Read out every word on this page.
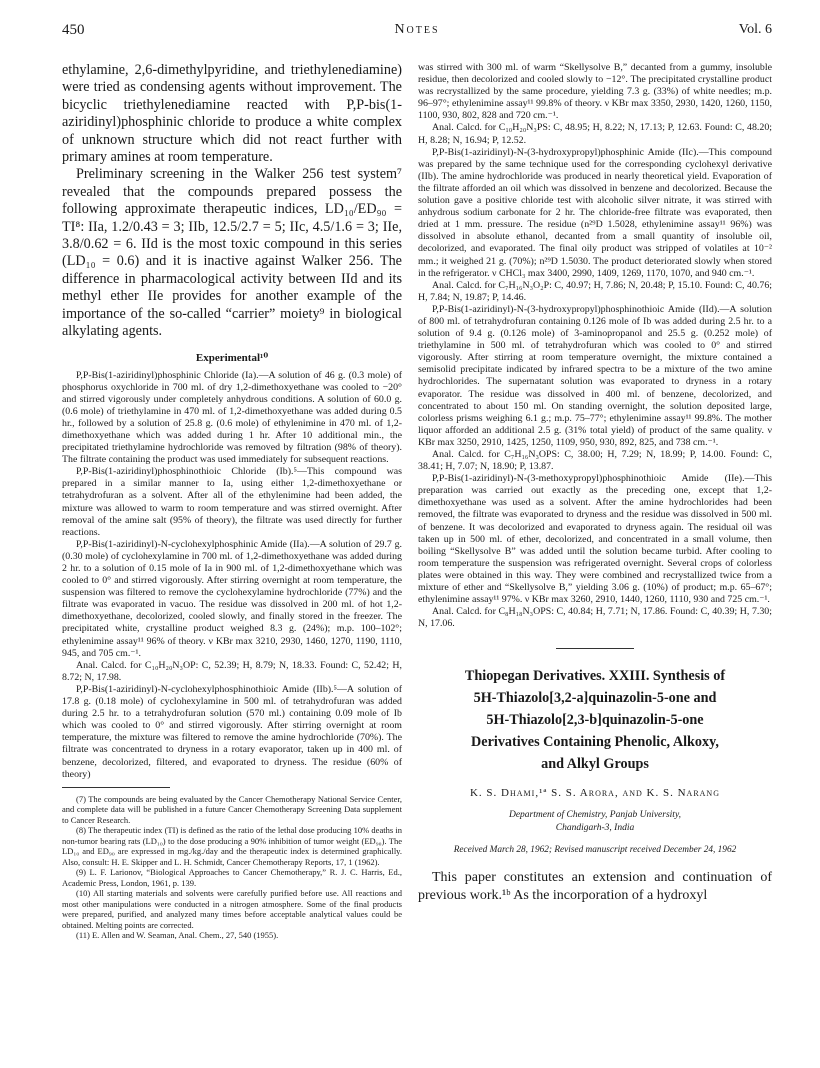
450	Notes	Vol. 6

ethylamine, 2,6-dimethylpyridine, and triethylenediamine) were tried as condensing agents without improvement. The bicyclic triethylenediamine reacted with P,P-bis(1-aziridinyl)phosphinic chloride to produce a white complex of unknown structure which did not react further with primary amines at room temperature.

Preliminary screening in the Walker 256 test system⁷ revealed that the compounds prepared possess the following approximate therapeutic indices, LD₁₀/ED₉₀ = TI⁸: IIa, 1.2/0.43 = 3; IIb, 12.5/2.7 = 5; IIc, 4.5/1.6 = 3; IIe, 3.8/0.62 = 6. IId is the most toxic compound in this series (LD₁₀ = 0.6) and it is inactive against Walker 256. The difference in pharmacological activity between IId and its methyl ether IIe provides for another example of the importance of the so-called “carrier” moiety⁹ in biological alkylating agents.

Experimental¹⁰

P,P-Bis(1-aziridinyl)phosphinic Chloride (Ia).—A solution of 46 g. (0.3 mole) of phosphorus oxychloride in 700 ml. of dry 1,2-dimethoxyethane was cooled to −20° and stirred vigorously under completely anhydrous conditions. A solution of 60.0 g. (0.6 mole) of triethylamine in 470 ml. of 1,2-dimethoxyethane was added during 0.5 hr., followed by a solution of 25.8 g. (0.6 mole) of ethylenimine in 470 ml. of 1,2-dimethoxyethane which was added during 1 hr. After 10 additional min., the precipitated triethylamine hydrochloride was removed by filtration (98% of theory). The filtrate containing the product was used immediately for subsequent reactions.

P,P-Bis(1-aziridinyl)phosphinothioic Chloride (Ib).⁵—This compound was prepared in a similar manner to Ia, using either 1,2-dimethoxyethane or tetrahydrofuran as a solvent. After all of the ethylenimine had been added, the mixture was allowed to warm to room temperature and was stirred overnight. After removal of the amine salt (95% of theory), the filtrate was used directly for further reactions.

P,P-Bis(1-aziridinyl)-N-cyclohexylphosphinic Amide (IIa).—A solution of 29.7 g. (0.30 mole) of cyclohexylamine in 700 ml. of 1,2-dimethoxyethane was added during 2 hr. to a solution of 0.15 mole of Ia in 900 ml. of 1,2-dimethoxyethane which was cooled to 0° and stirred vigorously. After stirring overnight at room temperature, the suspension was filtered to remove the cyclohexylamine hydrochloride (77%) and the filtrate was evaporated in vacuo. The residue was dissolved in 200 ml. of hot 1,2-dimethoxyethane, decolorized, cooled slowly, and finally stored in the freezer. The precipitated white, crystalline product weighed 8.3 g. (24%); m.p. 100–102°; ethylenimine assay¹¹ 96% of theory. ν KBr max 3210, 2930, 1460, 1270, 1190, 1110, 945, and 705 cm.⁻¹.

Anal. Calcd. for C₁₀H₂₀N₃OP: C, 52.39; H, 8.79; N, 18.33. Found: C, 52.42; H, 8.72; N, 17.98.

P,P-Bis(1-aziridinyl)-N-cyclohexylphosphinothioic Amide (IIb).⁵—A solution of 17.8 g. (0.18 mole) of cyclohexylamine in 500 ml. of tetrahydrofuran was added during 2.5 hr. to a tetrahydrofuran solution (570 ml.) containing 0.09 mole of Ib which was cooled to 0° and stirred vigorously. After stirring overnight at room temperature, the mixture was filtered to remove the amine hydrochloride (70%). The filtrate was concentrated to dryness in a rotary evaporator, taken up in 400 ml. of benzene, decolorized, filtered, and evaporated to dryness. The residue (60% of theory)

(7) The compounds are being evaluated by the Cancer Chemotherapy National Service Center, and complete data will be published in a future Cancer Chemotherapy Screening Data supplement to Cancer Research.

(8) The therapeutic index (TI) is defined as the ratio of the lethal dose producing 10% deaths in non-tumor bearing rats (LD₁₀) to the dose producing a 90% inhibition of tumor weight (ED₉₀). The LD₁₀ and ED₉₀ are expressed in mg./kg./day and the therapeutic index is determined graphically. Also, consult: H. E. Skipper and L. H. Schmidt, Cancer Chemotherapy Reports, 17, 1 (1962).

(9) L. F. Larionov, “Biological Approaches to Cancer Chemotherapy,” R. J. C. Harris, Ed., Academic Press, London, 1961, p. 139.

(10) All starting materials and solvents were carefully purified before use. All reactions and most other manipulations were conducted in a nitrogen atmosphere. Some of the final products were prepared, purified, and analyzed many times before acceptable analytical values could be obtained. Melting points are corrected.

(11) E. Allen and W. Seaman, Anal. Chem., 27, 540 (1955).

was stirred with 300 ml. of warm “Skellysolve B,” decanted from a gummy, insoluble residue, then decolorized and cooled slowly to −12°. The precipitated crystalline product was recrystallized by the same procedure, yielding 7.3 g. (33%) of white needles; m.p. 96–97°; ethylenimine assay¹¹ 99.8% of theory. ν KBr max 3350, 2930, 1420, 1260, 1150, 1100, 930, 802, 828 and 720 cm.⁻¹.

Anal. Calcd. for C₁₀H₂₀N₃PS: C, 48.95; H, 8.22; N, 17.13; P, 12.63. Found: C, 48.20; H, 8.28; N, 16.94; P, 12.52.

P,P-Bis(1-aziridinyl)-N-(3-hydroxypropyl)phosphinic Amide (IIc).—This compound was prepared by the same technique used for the corresponding cyclohexyl derivative (IIb). The amine hydrochloride was produced in nearly theoretical yield. Evaporation of the filtrate afforded an oil which was dissolved in benzene and decolorized. Because the solution gave a positive chloride test with alcoholic silver nitrate, it was stirred with anhydrous sodium carbonate for 2 hr. The chloride-free filtrate was evaporated, then dried at 1 mm. pressure. The residue (n²⁹D 1.5028, ethylenimine assay¹¹ 96%) was dissolved in absolute ethanol, decanted from a small quantity of insoluble oil, decolorized, and evaporated. The final oily product was stripped of volatiles at 10⁻² mm.; it weighed 21 g. (70%); n²⁹D 1.5030. The product deteriorated slowly when stored in the refrigerator. ν CHCl₃ max 3400, 2990, 1409, 1269, 1170, 1070, and 940 cm.⁻¹.

Anal. Calcd. for C₇H₁₆N₃O₂P: C, 40.97; H, 7.86; N, 20.48; P, 15.10. Found: C, 40.76; H, 7.84; N, 19.87; P, 14.46.

P,P-Bis(1-aziridinyl)-N-(3-hydroxypropyl)phosphinothioic Amide (IId).—A solution of 800 ml. of tetrahydrofuran containing 0.126 mole of Ib was added during 2.5 hr. to a solution of 9.4 g. (0.126 mole) of 3-aminopropanol and 25.5 g. (0.252 mole) of triethylamine in 500 ml. of tetrahydrofuran which was cooled to 0° and stirred vigorously. After stirring at room temperature overnight, the mixture contained a semisolid precipitate indicated by infrared spectra to be a mixture of the two amine hydrochlorides. The supernatant solution was evaporated to dryness in a rotary evaporator. The residue was dissolved in 400 ml. of benzene, decolorized, and concentrated to about 150 ml. On standing overnight, the solution deposited large, colorless prisms weighing 6.1 g.; m.p. 75–77°; ethylenimine assay¹¹ 99.8%. The mother liquor afforded an additional 2.5 g. (31% total yield) of product of the same quality. ν KBr max 3250, 2910, 1425, 1250, 1109, 950, 930, 892, 825, and 738 cm.⁻¹.

Anal. Calcd. for C₇H₁₆N₃OPS: C, 38.00; H, 7.29; N, 18.99; P, 14.00. Found: C, 38.41; H, 7.07; N, 18.90; P, 13.87.

P,P-Bis(1-aziridinyl)-N-(3-methoxypropyl)phosphinothioic Amide (IIe).—This preparation was carried out exactly as the preceding one, except that 1,2-dimethoxyethane was used as a solvent. After the amine hydrochlorides had been removed, the filtrate was evaporated to dryness and the residue was dissolved in 500 ml. of benzene. It was decolorized and evaporated to dryness again. The residual oil was taken up in 500 ml. of ether, decolorized, and concentrated in a small volume, then boiling “Skellysolve B” was added until the solution became turbid. After cooling to room temperature the suspension was refrigerated overnight. Several crops of colorless plates were obtained in this way. They were combined and recrystallized twice from a mixture of ether and “Skellysolve B,” yielding 3.06 g. (10%) of product; m.p. 65–67°; ethylenimine assay¹¹ 97%. ν KBr max 3260, 2910, 1440, 1260, 1110, 930 and 725 cm.⁻¹.

Anal. Calcd. for C₈H₁₈N₃OPS: C, 40.84; H, 7.71; N, 17.86. Found: C, 40.39; H, 7.30; N, 17.06.

Thiopegan Derivatives. XXIII. Synthesis of
5H-Thiazolo[3,2-a]quinazolin-5-one and
5H-Thiazolo[2,3-b]quinazolin-5-one
Derivatives Containing Phenolic, Alkoxy,
and Alkyl Groups
K. S. Dhami,¹ª S. S. Arora, and K. S. Narang
Department of Chemistry, Panjab University,
Chandigarh-3, India
Received March 28, 1962; Revised manuscript received December 24, 1962

This paper constitutes an extension and continuation of previous work.¹ᵇ As the incorporation of a hydroxyl
